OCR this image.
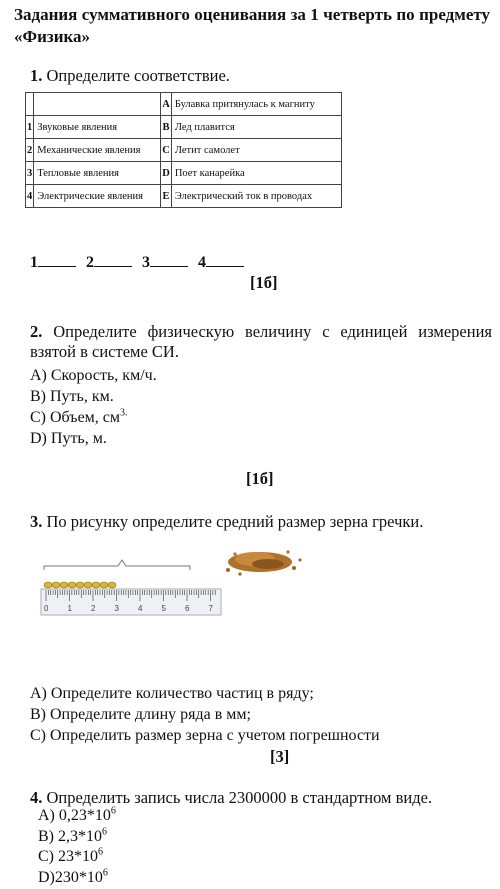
Задания суммативного оценивания за 1 четверть по предмету «Физика»
1. Определите соответствие.
		A	Булавка притянулась к магниту
1	Звуковые явления	B	Лед плавится
2	Механические явления	C	Летит самолет
3	Тепловые явления	D	Поет канарейка
4	Электрические явления	E	Электрический ток в проводах
1	2	3	4
[1б]
2. Определите физическую величину с единицей измерения взятой в системе СИ.
A) Скорость, км/ч.
B) Путь, км.
C) Объем, $см^{3.}$
D) Путь, м.
[1б]
3. По рисунку определите средний размер зерна гречки.
0 1 2 3 4 5 6 7
A) Определите количество частиц в ряду;
B) Определите длину ряда в мм;
C) Определить размер зерна с учетом погрешности
[3]
4. Определить запись числа 2300000 в стандартном виде.
A) $0,23*10^6$
B) $2,3*10^6$
C) $23*10^6$
$D)230*10^6$
